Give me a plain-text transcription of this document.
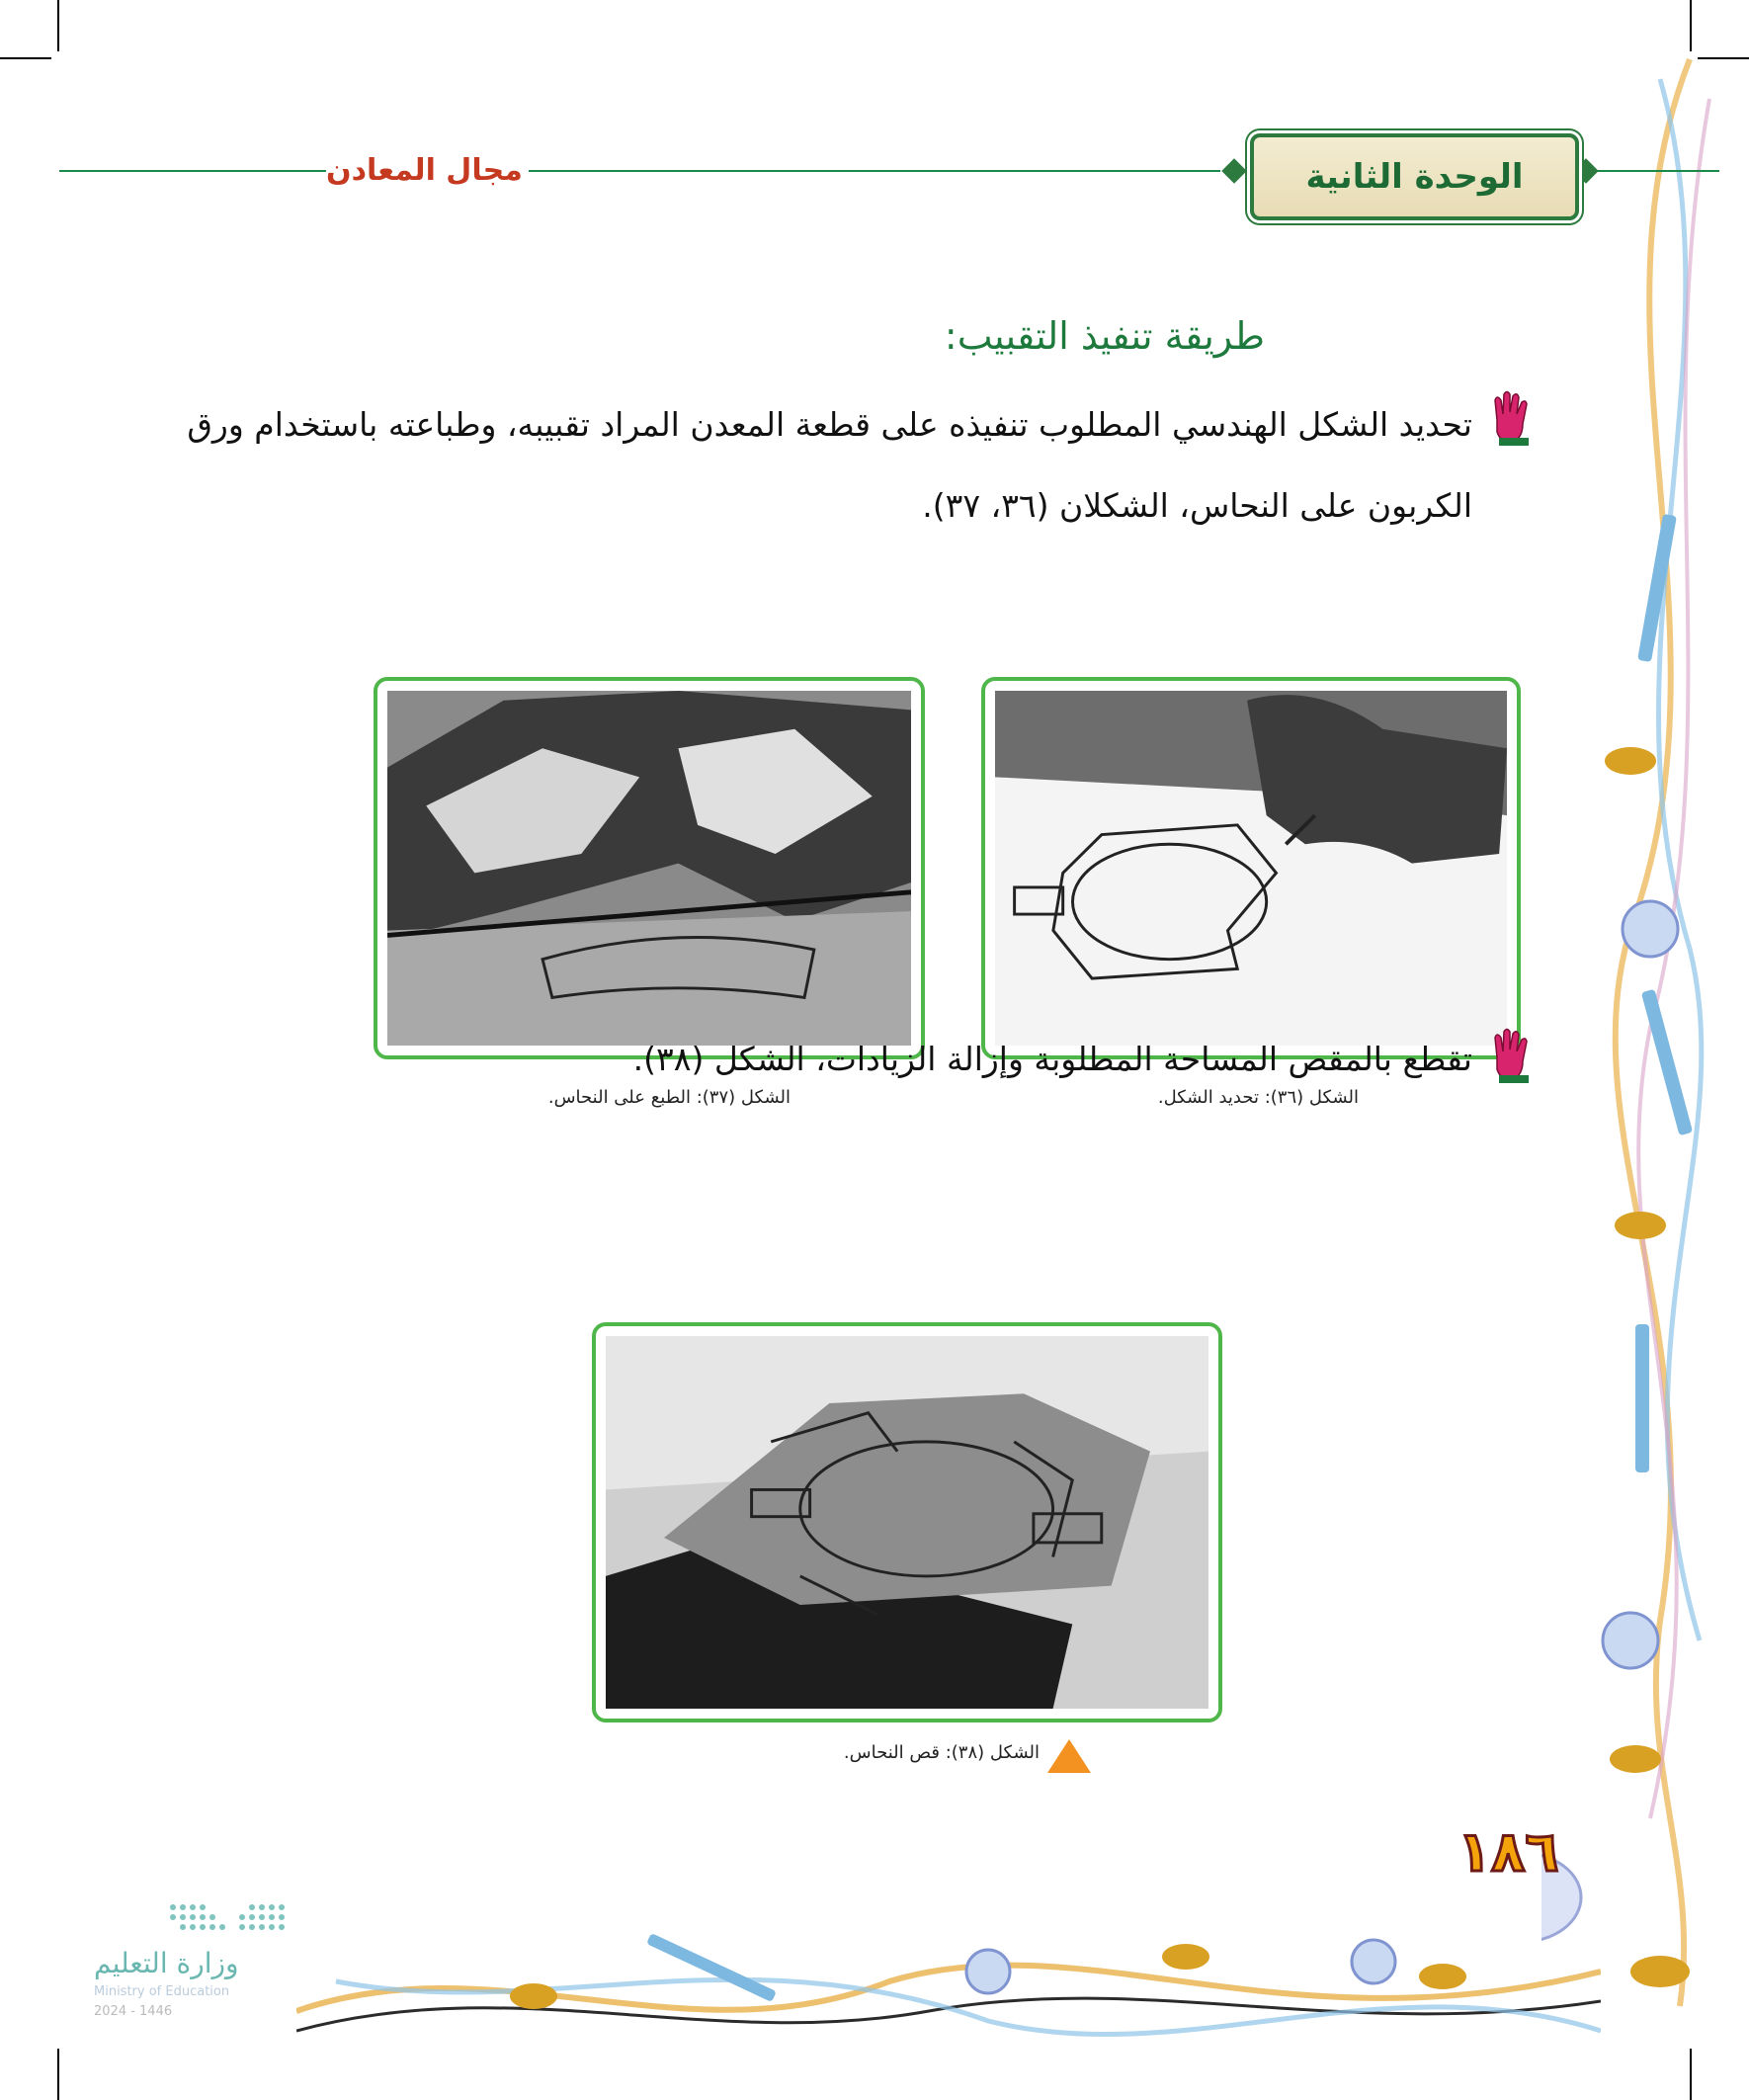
مجال المعادن	الوحدة الثانية
طريقة تنفيذ التقبيب:
تحديد الشكل الهندسي المطلوب تنفيذه على قطعة المعدن المراد تقبيبه، وطباعته باستخدام ورق
الكربون على النحاس، الشكلان (٣٦، ٣٧).
الشكل (٣٧): الطبع على النحاس.	الشكل (٣٦): تحديد الشكل.
تقطع بالمقص المساحة المطلوبة وإزالة الزيادات، الشكل (٣٨).
الشكل (٣٨): قص النحاس.
١٨٦
وزارة التعليم
Ministry of Education
2024 - 1446
